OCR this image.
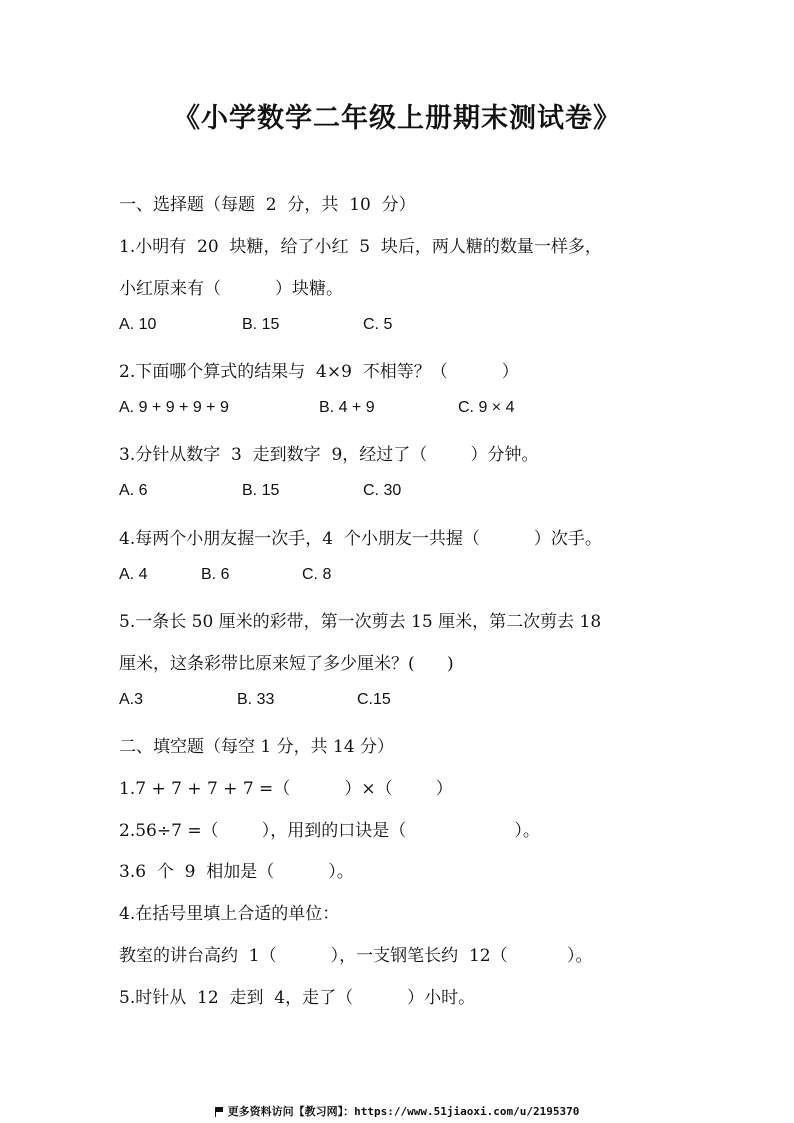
《小学数学二年级上册期末测试卷》
一、选择题（每题  2  分，共  10  分）
1.小明有  20  块糖，给了小红  5  块后，两人糖的数量一样多，
小红原来有（          ）块糖。
A. 10	B. 15	C. 5
2.下面哪个算式的结果与  4×9  不相等？（          ）
A. 9 + 9 + 9 + 9	B. 4 + 9	C. 9 × 4
3.分针从数字  3  走到数字  9，经过了（        ）分钟。
A. 6	B. 15	C. 30
4.每两个小朋友握一次手，4  个小朋友一共握（          ）次手。
A. 4	B. 6	C. 8
5.一条长 50 厘米的彩带，第一次剪去 15 厘米，第二次剪去 18
厘米，这条彩带比原来短了多少厘米？(      )
A.3	B. 33	C.15
二、填空题（每空 1 分，共 14 分）
1.7 + 7 + 7 + 7 =（          ）×（        ）
2.56÷7 =（        ），用到的口诀是（                    ）。
3.6  个  9  相加是（          ）。
4.在括号里填上合适的单位：
教室的讲台高约  1（          ），一支钢笔长约  12（           ）。
5.时针从  12  走到  4，走了（          ）小时。
更多资料访问【教习网】：https://www.51jiaoxi.com/u/2195370
